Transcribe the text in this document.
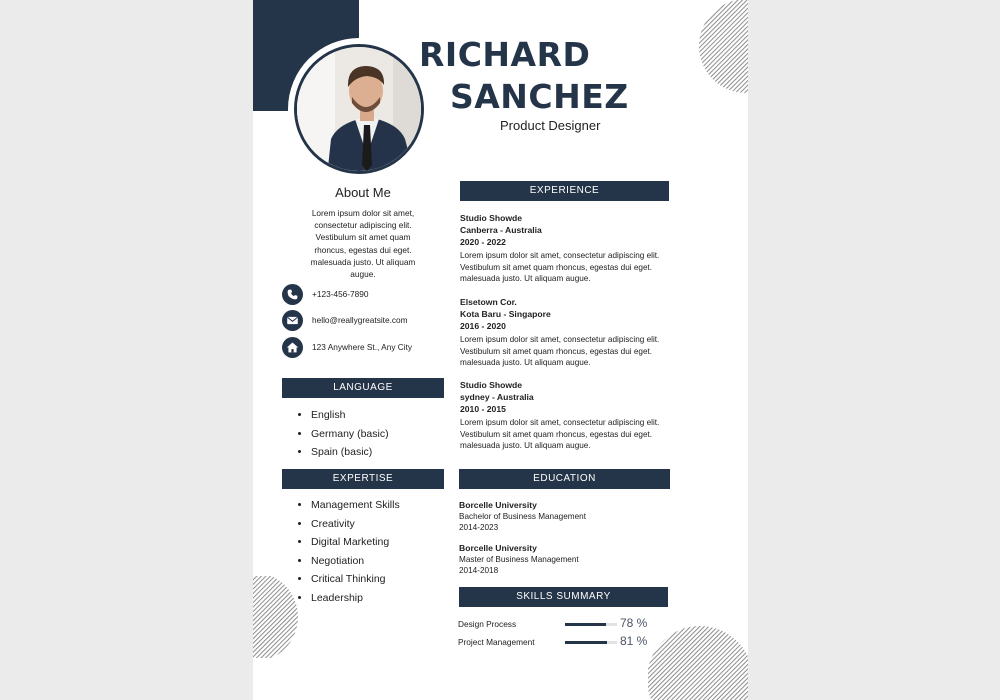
RICHARD
SANCHEZ
Product Designer
About Me
Lorem ipsum dolor sit amet,
consectetur adipiscing elit.
Vestibulum sit amet quam
rhoncus, egestas dui eget.
malesuada justo. Ut aliquam
augue.
+123-456-7890
hello@reallygreatsite.com
123 Anywhere St., Any City
LANGUAGE
• English
• Germany (basic)
• Spain (basic)
EXPERTISE
• Management Skills
• Creativity
• Digital Marketing
• Negotiation
• Critical Thinking
• Leadership
EXPERIENCE
Studio Showde
Canberra - Australia
2020 - 2022
Lorem ipsum dolor sit amet, consectetur adipiscing elit.
Vestibulum sit amet quam rhoncus, egestas dui eget.
malesuada justo. Ut aliquam augue.
Elsetown Cor.
Kota Baru - Singapore
2016 - 2020
Lorem ipsum dolor sit amet, consectetur adipiscing elit.
Vestibulum sit amet quam rhoncus, egestas dui eget.
malesuada justo. Ut aliquam augue.
Studio Showde
sydney - Australia
2010 - 2015
Lorem ipsum dolor sit amet, consectetur adipiscing elit.
Vestibulum sit amet quam rhoncus, egestas dui eget.
malesuada justo. Ut aliquam augue.
EDUCATION
Borcelle University
Bachelor of Business Management
2014-2023
Borcelle University
Master of Business Management
2014-2018
SKILLS SUMMARY
Design Process	78 %
Project Management	81 %
